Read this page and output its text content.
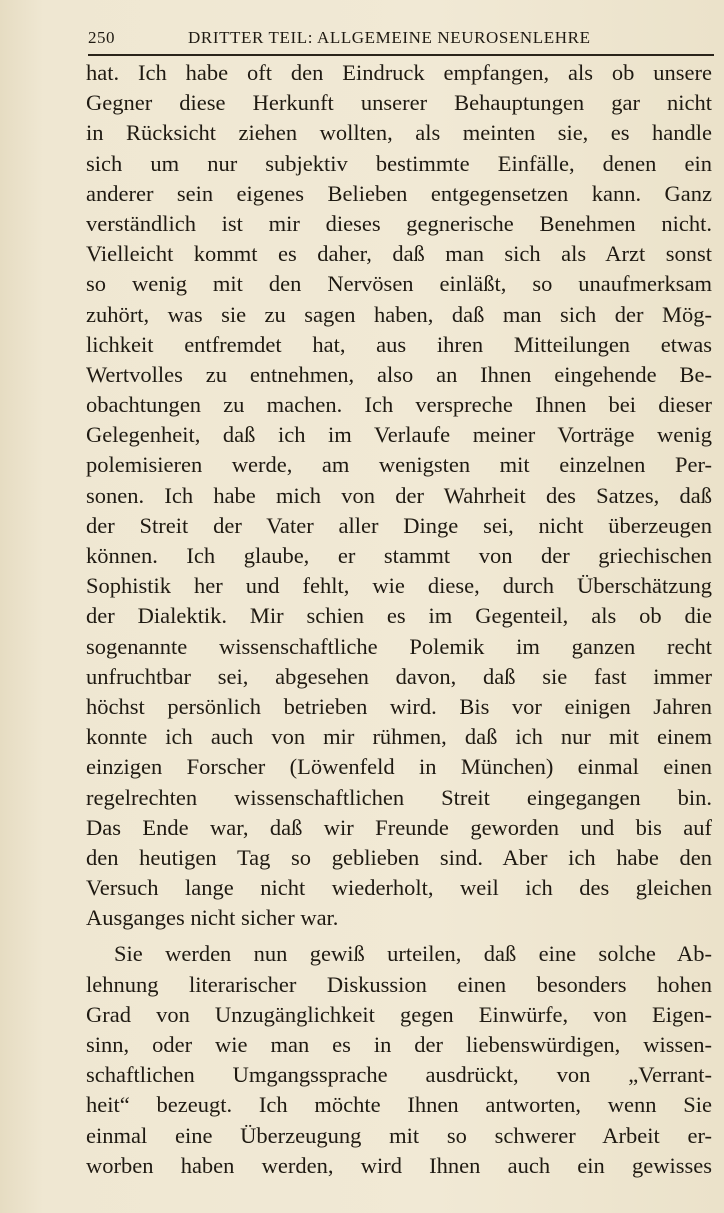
250	DRITTER TEIL: ALLGEMEINE NEUROSENLEHRE
hat. Ich habe oft den Eindruck empfangen, als ob unsere
Gegner diese Herkunft unserer Behauptungen gar nicht
in Rücksicht ziehen wollten, als meinten sie, es handle
sich um nur subjektiv bestimmte Einfälle, denen ein
anderer sein eigenes Belieben entgegensetzen kann. Ganz
verständlich ist mir dieses gegnerische Benehmen nicht.
Vielleicht kommt es daher, daß man sich als Arzt sonst
so wenig mit den Nervösen einläßt, so unaufmerksam
zuhört, was sie zu sagen haben, daß man sich der Mög-
lichkeit entfremdet hat, aus ihren Mitteilungen etwas
Wertvolles zu entnehmen, also an Ihnen eingehende Be-
obachtungen zu machen. Ich verspreche Ihnen bei dieser
Gelegenheit, daß ich im Verlaufe meiner Vorträge wenig
polemisieren werde, am wenigsten mit einzelnen Per-
sonen. Ich habe mich von der Wahrheit des Satzes, daß
der Streit der Vater aller Dinge sei, nicht überzeugen
können. Ich glaube, er stammt von der griechischen
Sophistik her und fehlt, wie diese, durch Überschätzung
der Dialektik. Mir schien es im Gegenteil, als ob die
sogenannte wissenschaftliche Polemik im ganzen recht
unfruchtbar sei, abgesehen davon, daß sie fast immer
höchst persönlich betrieben wird. Bis vor einigen Jahren
konnte ich auch von mir rühmen, daß ich nur mit einem
einzigen Forscher (Löwenfeld in München) einmal einen
regelrechten wissenschaftlichen Streit eingegangen bin.
Das Ende war, daß wir Freunde geworden und bis auf
den heutigen Tag so geblieben sind. Aber ich habe den
Versuch lange nicht wiederholt, weil ich des gleichen
Ausganges nicht sicher war.
Sie werden nun gewiß urteilen, daß eine solche Ab-
lehnung literarischer Diskussion einen besonders hohen
Grad von Unzugänglichkeit gegen Einwürfe, von Eigen-
sinn, oder wie man es in der liebenswürdigen, wissen-
schaftlichen Umgangssprache ausdrückt, von „Verrant-
heit“ bezeugt. Ich möchte Ihnen antworten, wenn Sie
einmal eine Überzeugung mit so schwerer Arbeit er-
worben haben werden, wird Ihnen auch ein gewisses
